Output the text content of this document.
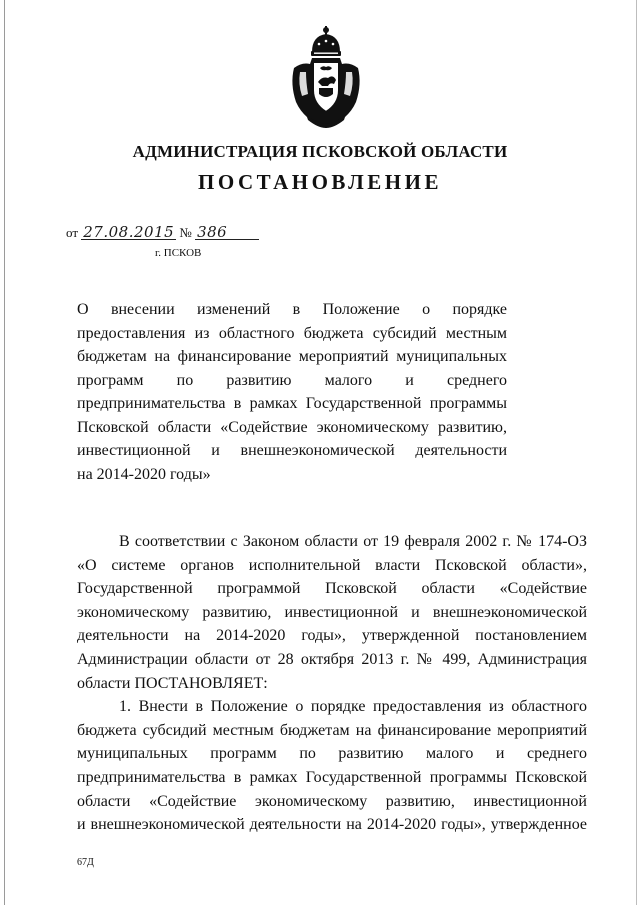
АДМИНИСТРАЦИЯ ПСКОВСКОЙ ОБЛАСТИ
ПОСТАНОВЛЕНИЕ
от 27.08.2015 № 386
г. ПСКОВ
О внесении изменений в Положение о порядке
предоставления из областного бюджета субсидий местным
бюджетам на финансирование мероприятий муниципальных
программ по развитию малого и среднего
предпринимательства в рамках Государственной программы
Псковской области «Содействие экономическому развитию,
инвестиционной и внешнеэкономической деятельности
на 2014-2020 годы»
В соответствии с Законом области от 19 февраля 2002 г. № 174-ОЗ
«О системе органов исполнительной власти Псковской области»,
Государственной программой Псковской области «Содействие
экономическому развитию, инвестиционной и внешнеэкономической
деятельности на 2014-2020 годы», утвержденной постановлением
Администрации области от 28 октября 2013 г. № 499, Администрация
области ПОСТАНОВЛЯЕТ:
1. Внести в Положение о порядке предоставления из областного
бюджета субсидий местным бюджетам на финансирование мероприятий
муниципальных программ по развитию малого и среднего
предпринимательства в рамках Государственной программы Псковской
области «Содействие экономическому развитию, инвестиционной
и внешнеэкономической деятельности на 2014-2020 годы», утвержденное
67Д
